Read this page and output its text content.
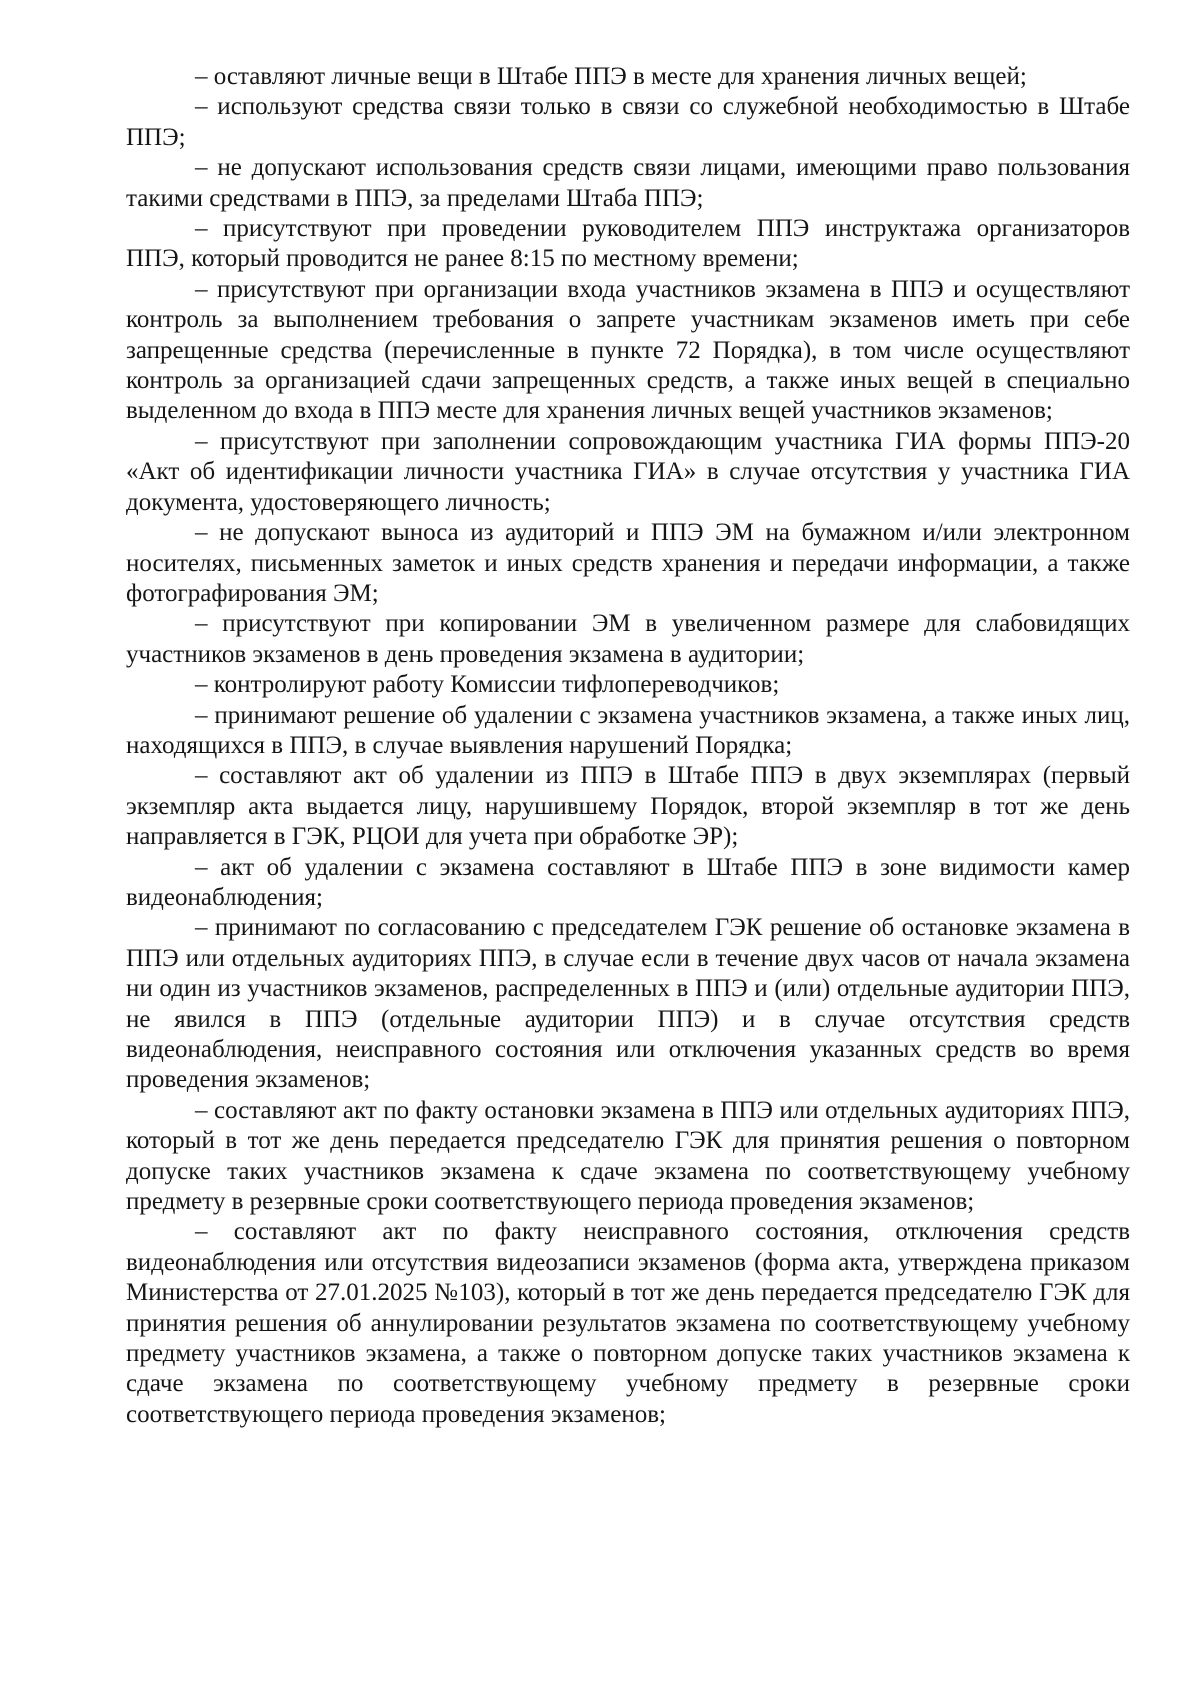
– оставляют личные вещи в Штабе ППЭ в месте для хранения личных вещей;

– используют средства связи только в связи со служебной необходимостью в Штабе ППЭ;

– не допускают использования средств связи лицами, имеющими право пользования такими средствами в ППЭ, за пределами Штаба ППЭ;

– присутствуют при проведении руководителем ППЭ инструктажа организаторов ППЭ, который проводится не ранее 8:15 по местному времени;

– присутствуют при организации входа участников экзамена в ППЭ и осуществляют контроль за выполнением требования о запрете участникам экзаменов иметь при себе запрещенные средства (перечисленные в пункте 72 Порядка), в том числе осуществляют контроль за организацией сдачи запрещенных средств, а также иных вещей в специально выделенном до входа в ППЭ месте для хранения личных вещей участников экзаменов;

– присутствуют при заполнении сопровождающим участника ГИА формы ППЭ-20 «Акт об идентификации личности участника ГИА» в случае отсутствия у участника ГИА документа, удостоверяющего личность;

– не допускают выноса из аудиторий и ППЭ ЭМ на бумажном и/или электронном носителях, письменных заметок и иных средств хранения и передачи информации, а также фотографирования ЭМ;

– присутствуют при копировании ЭМ в увеличенном размере для слабовидящих участников экзаменов в день проведения экзамена в аудитории;

– контролируют работу Комиссии тифлопереводчиков;

– принимают решение об удалении с экзамена участников экзамена, а также иных лиц, находящихся в ППЭ, в случае выявления нарушений Порядка;

– составляют акт об удалении из ППЭ в Штабе ППЭ в двух экземплярах (первый экземпляр акта выдается лицу, нарушившему Порядок, второй экземпляр в тот же день направляется в ГЭК, РЦОИ для учета при обработке ЭР);

– акт об удалении с экзамена составляют в Штабе ППЭ в зоне видимости камер видеонаблюдения;

– принимают по согласованию с председателем ГЭК решение об остановке экзамена в ППЭ или отдельных аудиториях ППЭ, в случае если в течение двух часов от начала экзамена ни один из участников экзаменов, распределенных в ППЭ и (или) отдельные аудитории ППЭ, не явился в ППЭ (отдельные аудитории ППЭ) и в случае отсутствия средств видеонаблюдения, неисправного состояния или отключения указанных средств во время проведения экзаменов;

– составляют акт по факту остановки экзамена в ППЭ или отдельных аудиториях ППЭ, который в тот же день передается председателю ГЭК для принятия решения о повторном допуске таких участников экзамена к сдаче экзамена по соответствующему учебному предмету в резервные сроки соответствующего периода проведения экзаменов;

– составляют акт по факту неисправного состояния, отключения средств видеонаблюдения или отсутствия видеозаписи экзаменов (форма акта, утверждена приказом Министерства от 27.01.2025 №103), который в тот же день передается председателю ГЭК для принятия решения об аннулировании результатов экзамена по соответствующему учебному предмету участников экзамена, а также о повторном допуске таких участников экзамена к сдаче экзамена по соответствующему учебному предмету в резервные сроки соответствующего периода проведения экзаменов;
